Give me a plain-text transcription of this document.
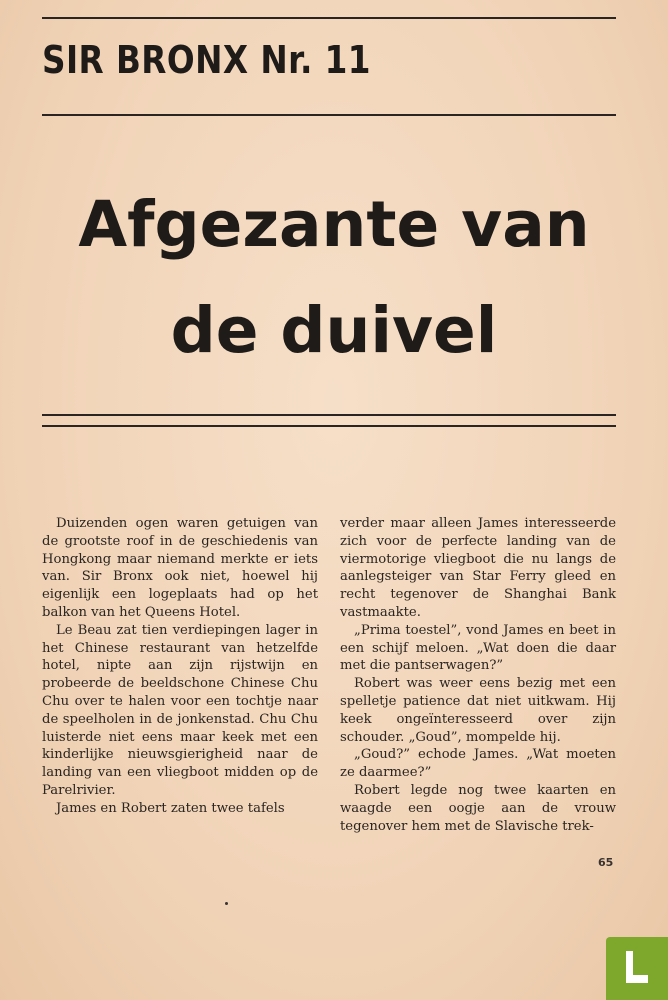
SIR BRONX Nr. 11
Afgezante van
de duivel

Duizenden ogen waren getuigen van de grootste roof in de geschiedenis van Hongkong maar niemand merkte er iets van. Sir Bronx ook niet, hoewel hij eigenlijk een logeplaats had op het balkon van het Queens Hotel.

Le Beau zat tien verdiepingen lager in het Chinese restaurant van hetzelfde hotel, nipte aan zijn rijstwijn en probeerde de beeldschone Chinese Chu Chu over te halen voor een tochtje naar de speelholen in de jonkenstad. Chu Chu luisterde niet eens maar keek met een kinderlijke nieuwsgierigheid naar de landing van een vliegboot midden op de Parelrivier.

James en Robert zaten twee tafels

verder maar alleen James interesseerde zich voor de perfecte landing van de viermotorige vliegboot die nu langs de aanlegsteiger van Star Ferry gleed en recht tegenover de Shanghai Bank vastmaakte.

„Prima toestel”, vond James en beet in een schijf meloen. „Wat doen die daar met die pantserwagen?”

Robert was weer eens bezig met een spelletje patience dat niet uitkwam. Hij keek ongeïnteresseerd over zijn schouder. „Goud”, mompelde hij.

„Goud?” echode James. „Wat moeten ze daarmee?”

Robert legde nog twee kaarten en waagde een oogje aan de vrouw tegenover hem met de Slavische trek-

65
